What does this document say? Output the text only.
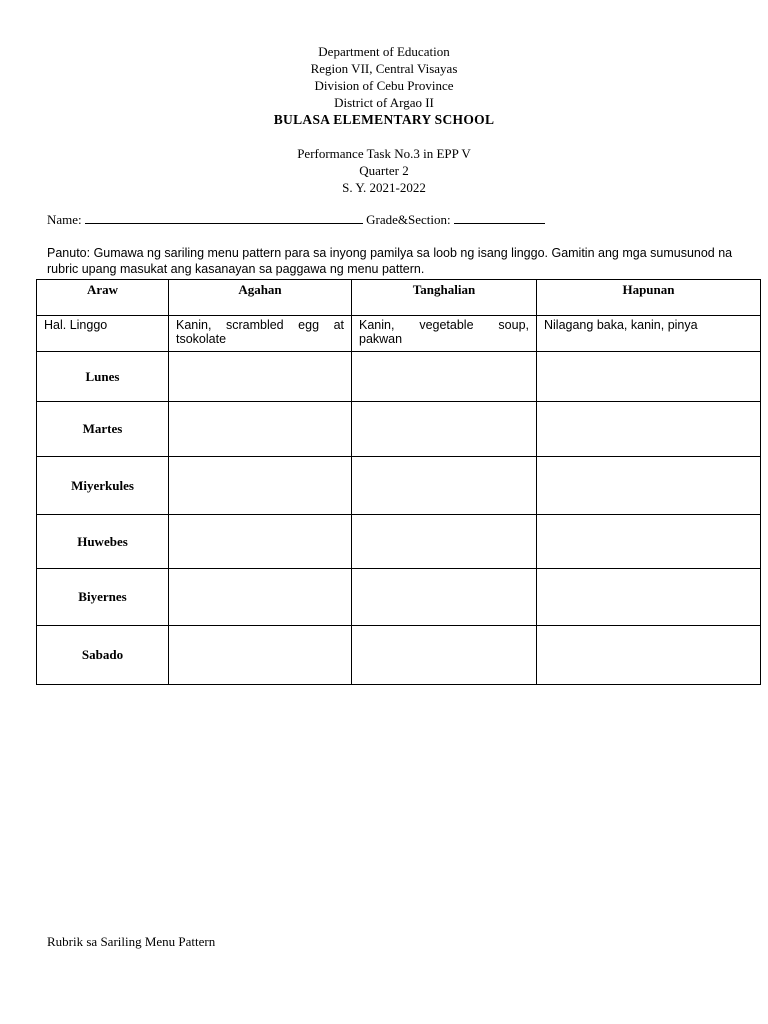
Department of Education
Region VII, Central Visayas
Division of Cebu Province
District of Argao II
BULASA ELEMENTARY SCHOOL
Performance Task No.3 in EPP V
Quarter 2
S. Y. 2021-2022
Name:	Grade&Section:
Panuto: Gumawa ng sariling menu pattern para sa inyong pamilya sa loob ng isang linggo. Gamitin ang mga sumusunod na rubric upang masukat ang kasanayan sa paggawa ng menu pattern.
Araw	Agahan	Tanghalian	Hapunan
Hal. Linggo	Kanin, scrambled egg at tsokolate	Kanin, vegetable soup, pakwan	Nilagang baka, kanin, pinya
Lunes			
Martes			
Miyerkules			
Huwebes			
Biyernes			
Sabado			
Rubrik sa Sariling Menu Pattern
